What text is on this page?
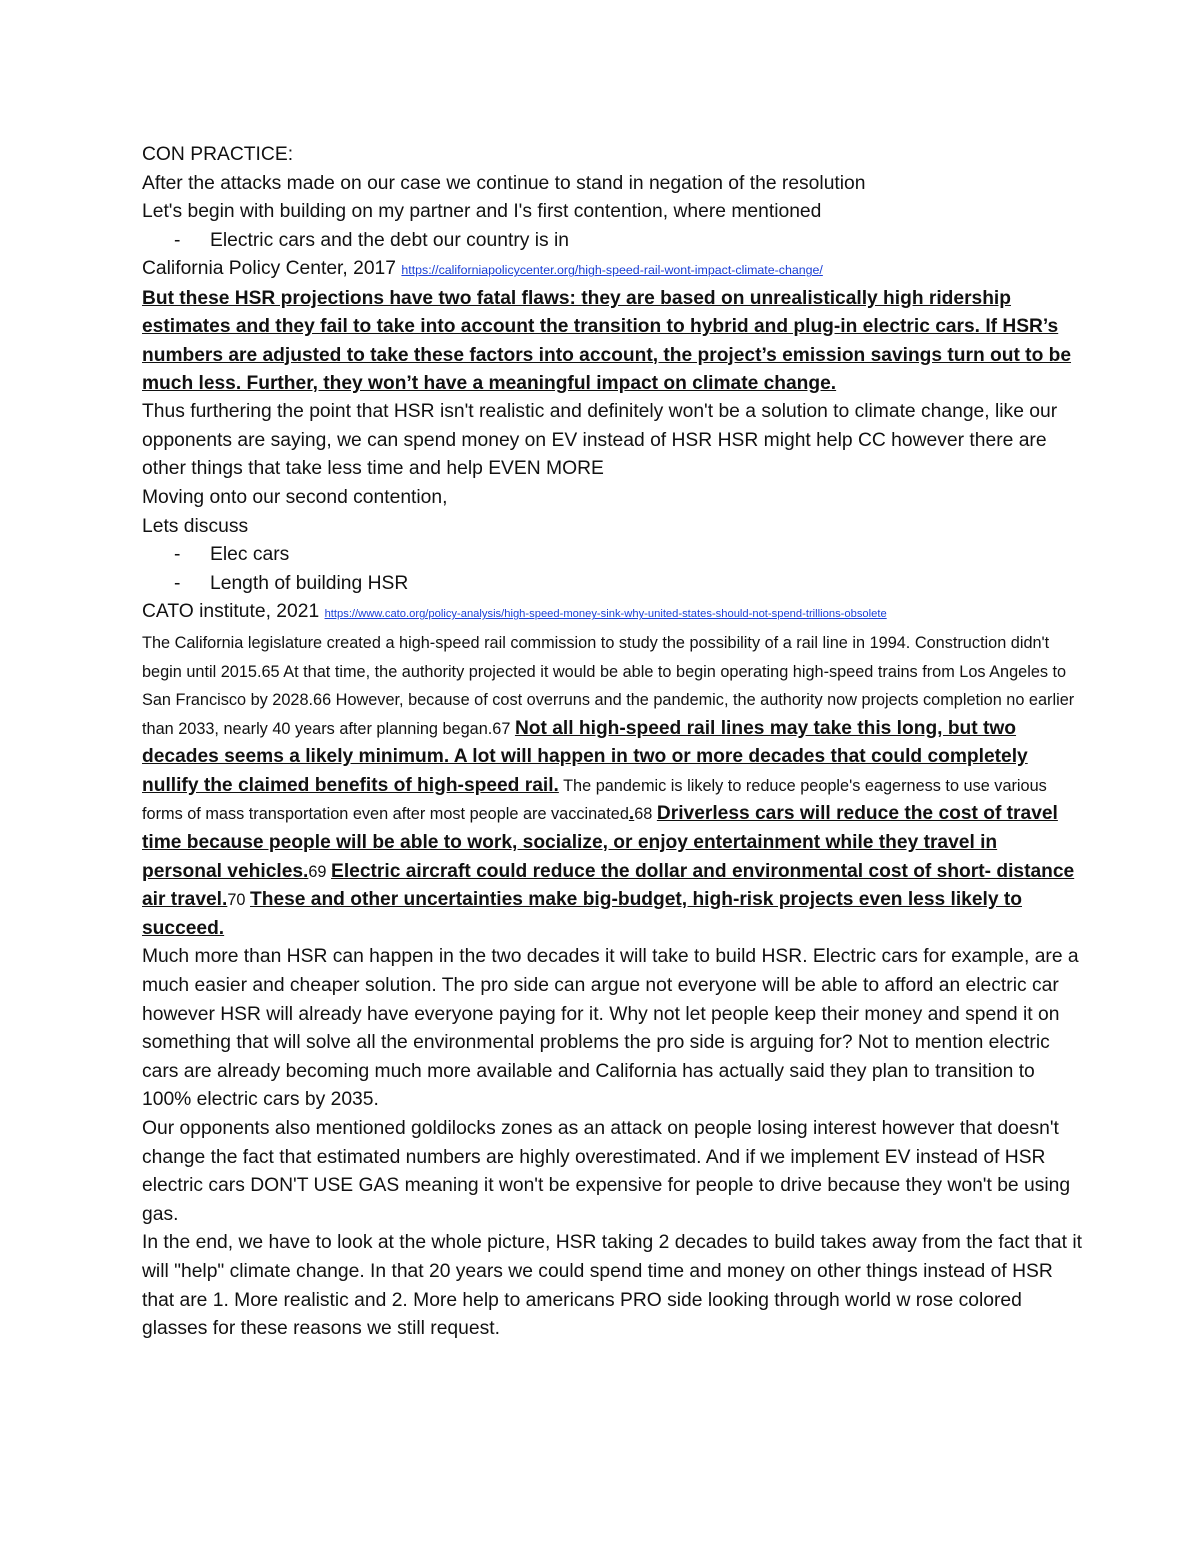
CON PRACTICE:

After the attacks made on our case we continue to stand in negation of the resolution

Let's begin with building on my partner and I's first contention, where mentioned

- Electric cars and the debt our country is in

California Policy Center, 2017 https://californiapolicycenter.org/high-speed-rail-wont-impact-climate-change/

But these HSR projections have two fatal flaws: they are based on unrealistically high ridership estimates and they fail to take into account the transition to hybrid and plug-in electric cars. If HSR’s numbers are adjusted to take these factors into account, the project’s emission savings turn out to be much less. Further, they won’t have a meaningful impact on climate change.

Thus furthering the point that HSR isn't realistic and definitely won't be a solution to climate change, like our opponents are saying, we can spend money on EV instead of HSR HSR might help CC however there are other things that take less time and help EVEN MORE

Moving onto our second contention,

Lets discuss

- Elec cars

- Length of building HSR

CATO institute, 2021 https://www.cato.org/policy-analysis/high-speed-money-sink-why-united-states-should-not-spend-trillions-obsolete

The California legislature created a high-speed rail commission to study the possibility of a rail line in 1994. Construction didn't begin until 2015.65 At that time, the authority projected it would be able to begin operating high-speed trains from Los Angeles to San Francisco by 2028.66 However, because of cost overruns and the pandemic, the authority now projects completion no earlier than 2033, nearly 40 years after planning began.67 Not all high-speed rail lines may take this long, but two decades seems a likely minimum. A lot will happen in two or more decades that could completely nullify the claimed benefits of high-speed rail. The pandemic is likely to reduce people's eagerness to use various forms of mass transportation even after most people are vaccinated.68 Driverless cars will reduce the cost of travel time because people will be able to work, socialize, or enjoy entertainment while they travel in personal vehicles.69 Electric aircraft could reduce the dollar and environmental cost of short- distance air travel.70 These and other uncertainties make big-budget, high-risk projects even less likely to succeed.

Much more than HSR can happen in the two decades it will take to build HSR. Electric cars for example, are a much easier and cheaper solution. The pro side can argue not everyone will be able to afford an electric car however HSR will already have everyone paying for it. Why not let people keep their money and spend it on something that will solve all the environmental problems the pro side is arguing for? Not to mention electric cars are already becoming much more available and California has actually said they plan to transition to 100% electric cars by 2035.

Our opponents also mentioned goldilocks zones as an attack on people losing interest however that doesn't change the fact that estimated numbers are highly overestimated. And if we implement EV instead of HSR electric cars DON'T USE GAS meaning it won't be expensive for people to drive because they won't be using gas.

In the end, we have to look at the whole picture, HSR taking 2 decades to build takes away from the fact that it will "help" climate change. In that 20 years we could spend time and money on other things instead of HSR that are 1. More realistic and 2. More help to americans PRO side looking through world w rose colored glasses for these reasons we still request.
